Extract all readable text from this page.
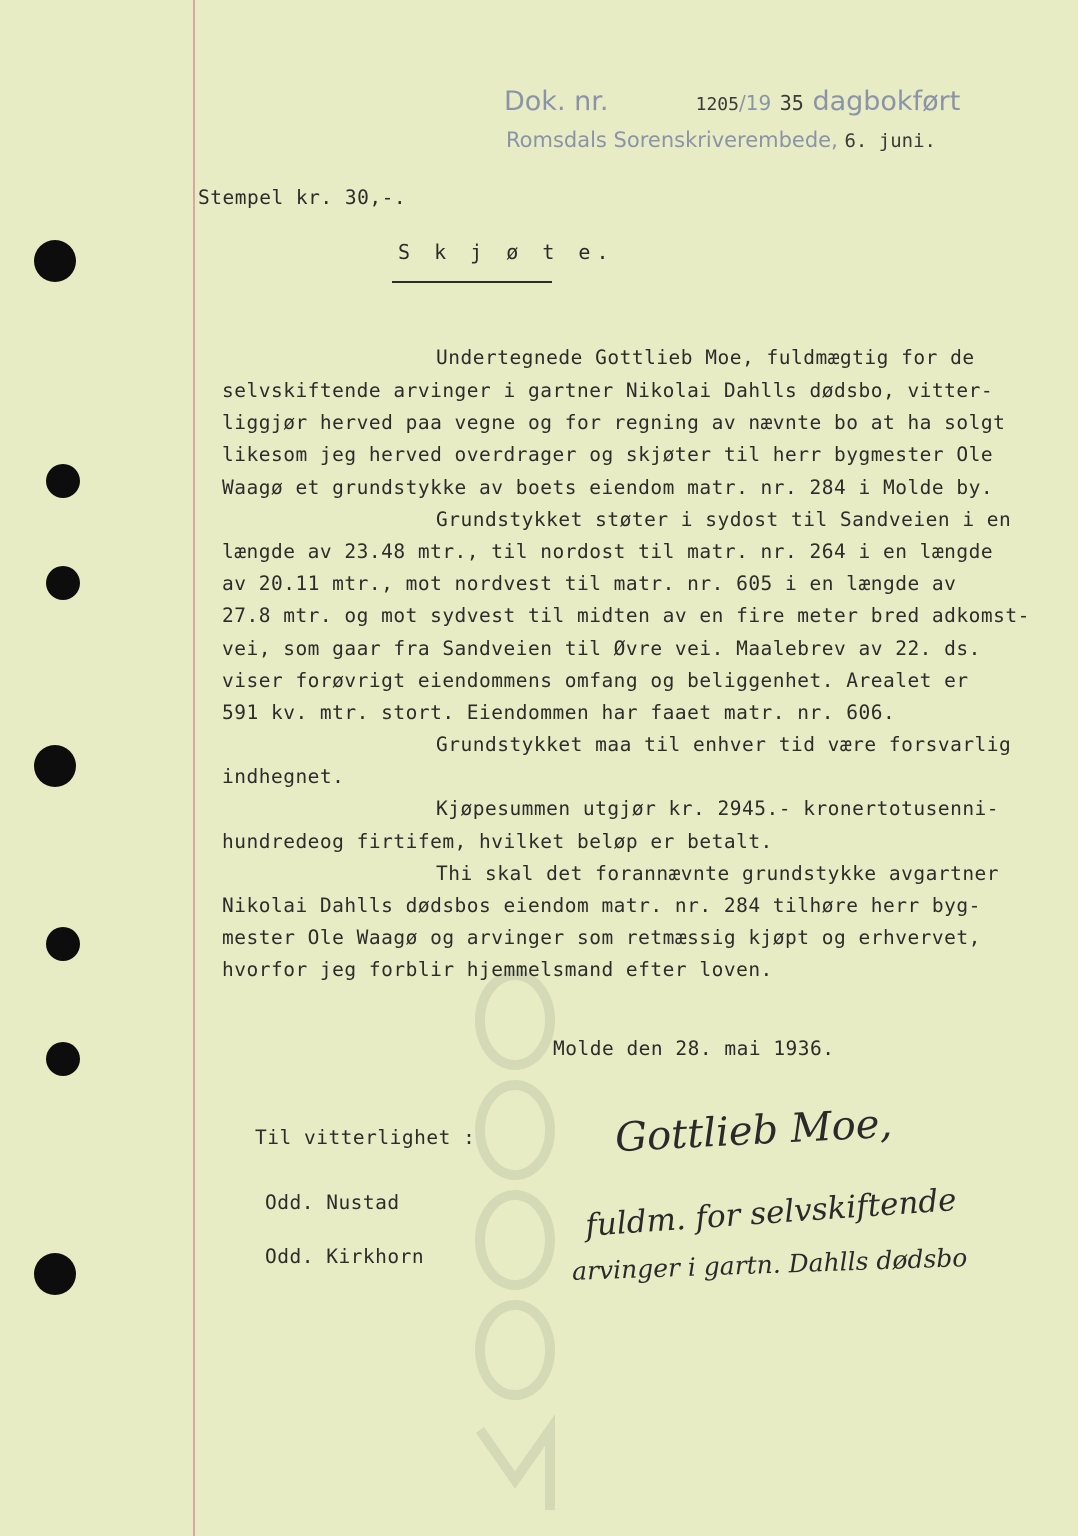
Dok. nr.	1205/19 35 dagbokført
Romsdals Sorenskriverembede, 6. juni.
Stempel kr. 30,-.
S k j ø t e.
Undertegnede Gottlieb Moe, fuldmægtig for de
selvskiftende arvinger i gartner Nikolai Dahlls dødsbo, vitter-
liggjør herved paa vegne og for regning av nævnte bo at ha solgt
likesom jeg herved overdrager og skjøter til herr bygmester Ole
Waagø et grundstykke av boets eiendom matr. nr. 284 i Molde by.
Grundstykket støter i sydost til Sandveien i en
længde av 23.48 mtr., til nordost til matr. nr. 264 i en længde
av 20.11 mtr., mot nordvest til matr. nr. 605 i en længde av
27.8 mtr. og mot sydvest til midten av en fire meter bred adkomst-
vei, som gaar fra Sandveien til Øvre vei. Maalebrev av 22. ds.
viser forøvrigt eiendommens omfang og beliggenhet. Arealet er
591 kv. mtr. stort. Eiendommen har faaet matr. nr. 606.
Grundstykket maa til enhver tid være forsvarlig
indhegnet.
Kjøpesummen utgjør kr. 2945.- kronertotusenni-
hundredeog firtifem, hvilket beløp er betalt.
Thi skal det forannævnte grundstykke avgartner
Nikolai Dahlls dødsbos eiendom matr. nr. 284 tilhøre herr byg-
mester Ole Waagø og arvinger som retmæssig kjøpt og erhvervet,
hvorfor jeg forblir hjemmelsmand efter loven.
Molde den 28. mai 1936.
Til vitterlighet :
Odd. Nustad
Odd. Kirkhorn
Gottlieb Moe,
fuldm. for selvskiftende
arvinger i gartn. Dahlls dødsbo
